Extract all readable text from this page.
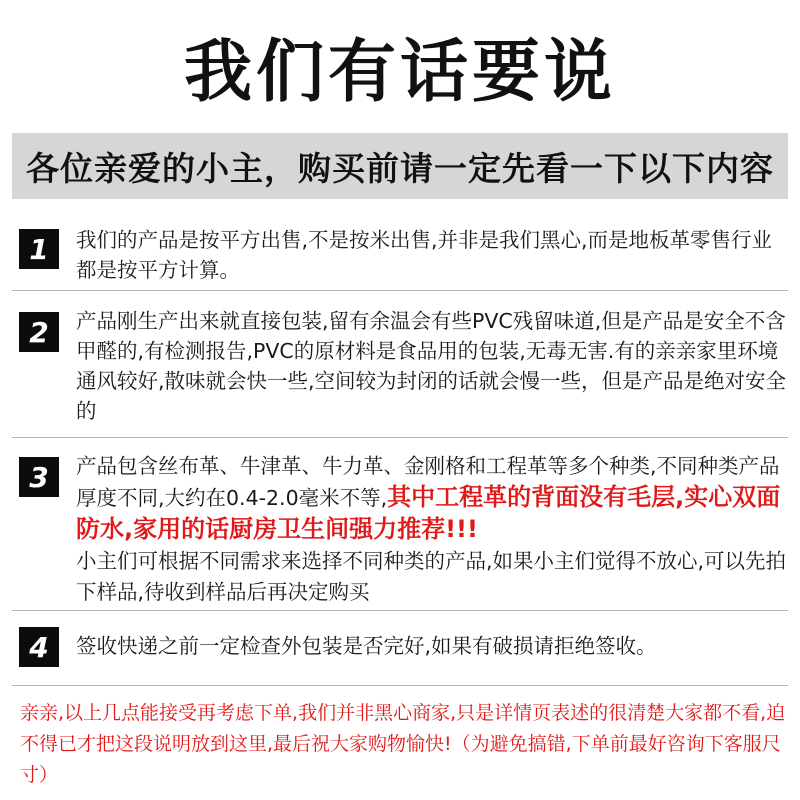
我们有话要说
各位亲爱的小主，购买前请一定先看一下以下内容
1	我们的产品是按平方出售,不是按米出售,并非是我们黑心,而是地板革零售行业都是按平方计算。
2	产品刚生产出来就直接包装,留有余温会有些PVC残留味道,但是产品是安全不含甲醛的,有检测报告,PVC的原材料是食品用的包装,无毒无害.有的亲亲家里环境通风较好,散味就会快一些,空间较为封闭的话就会慢一些，但是产品是绝对安全的
3	产品包含丝布革、牛津革、牛力革、金刚格和工程革等多个种类,不同种类产品厚度不同,大约在0.4-2.0毫米不等,其中工程革的背面没有毛层,实心双面防水,家用的话厨房卫生间强力推荐!!!
小主们可根据不同需求来选择不同种类的产品,如果小主们觉得不放心,可以先拍下样品,待收到样品后再决定购买
4	签收快递之前一定检查外包装是否完好,如果有破损请拒绝签收。
亲亲,以上几点能接受再考虑下单,我们并非黑心商家,只是详情页表述的很清楚大家都不看,迫不得已才把这段说明放到这里,最后祝大家购物愉快!（为避免搞错,下单前最好咨询下客服尺寸）
